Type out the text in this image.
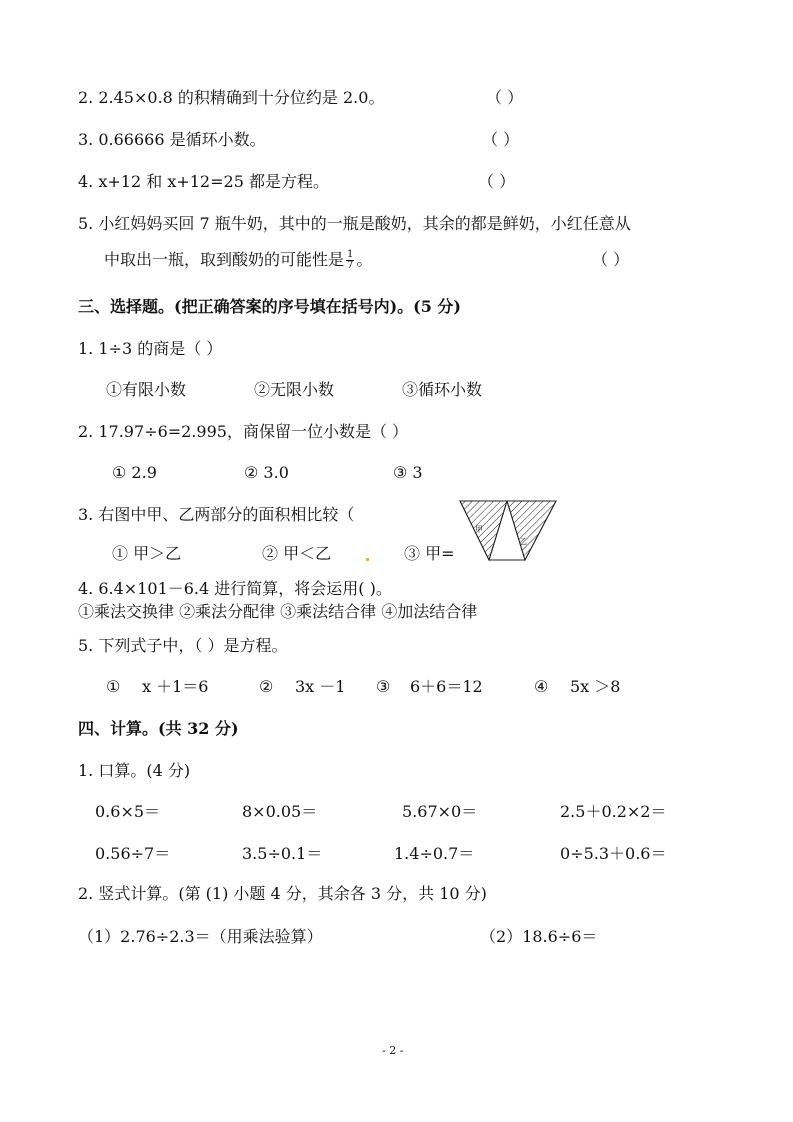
2. 2.45×0.8 的积精确到十分位约是 2.0。	（ ）
3. 0.66666 是循环小数。	（ ）
4. x+12 和 x+12=25 都是方程。	（ ）
5. 小红妈妈买回 7 瓶牛奶，其中的一瓶是酸奶，其余的都是鲜奶，小红任意从
中取出一瓶，取到酸奶的可能性是 $\frac{1}{7}$ 。	（ ）
三、选择题。(把正确答案的序号填在括号内)。(5 分)
1. 1÷3 的商是（ ）
①有限小数	②无限小数	③循环小数
2. 17.97÷6=2.995，商保留一位小数是（ ）
① 2.9	② 3.0	③ 3
3. 右图中甲、乙两部分的面积相比较（
甲
乙
① 甲＞乙	② 甲＜乙	③ 甲=
4. 6.4×101－6.4 进行简算，将会运用( )。
①乘法交换律 ②乘法分配律 ③乘法结合律 ④加法结合律
5. 下列式子中，（ ）是方程。
① x ＋1＝6	② 3x －1 ③ 6＋6＝12	④ 5x ＞8
四、计算。(共 32 分)
1. 口算。(4 分)
0.6×5＝	8×0.05＝	5.67×0＝	2.5＋0.2×2＝
0.56÷7＝	3.5÷0.1＝	1.4÷0.7＝	0÷5.3＋0.6＝
2. 竖式计算。(第 (1) 小题 4 分，其余各 3 分，共 10 分)
（1）2.76÷2.3＝（用乘法验算）	（2）18.6÷6＝
- 2 -
